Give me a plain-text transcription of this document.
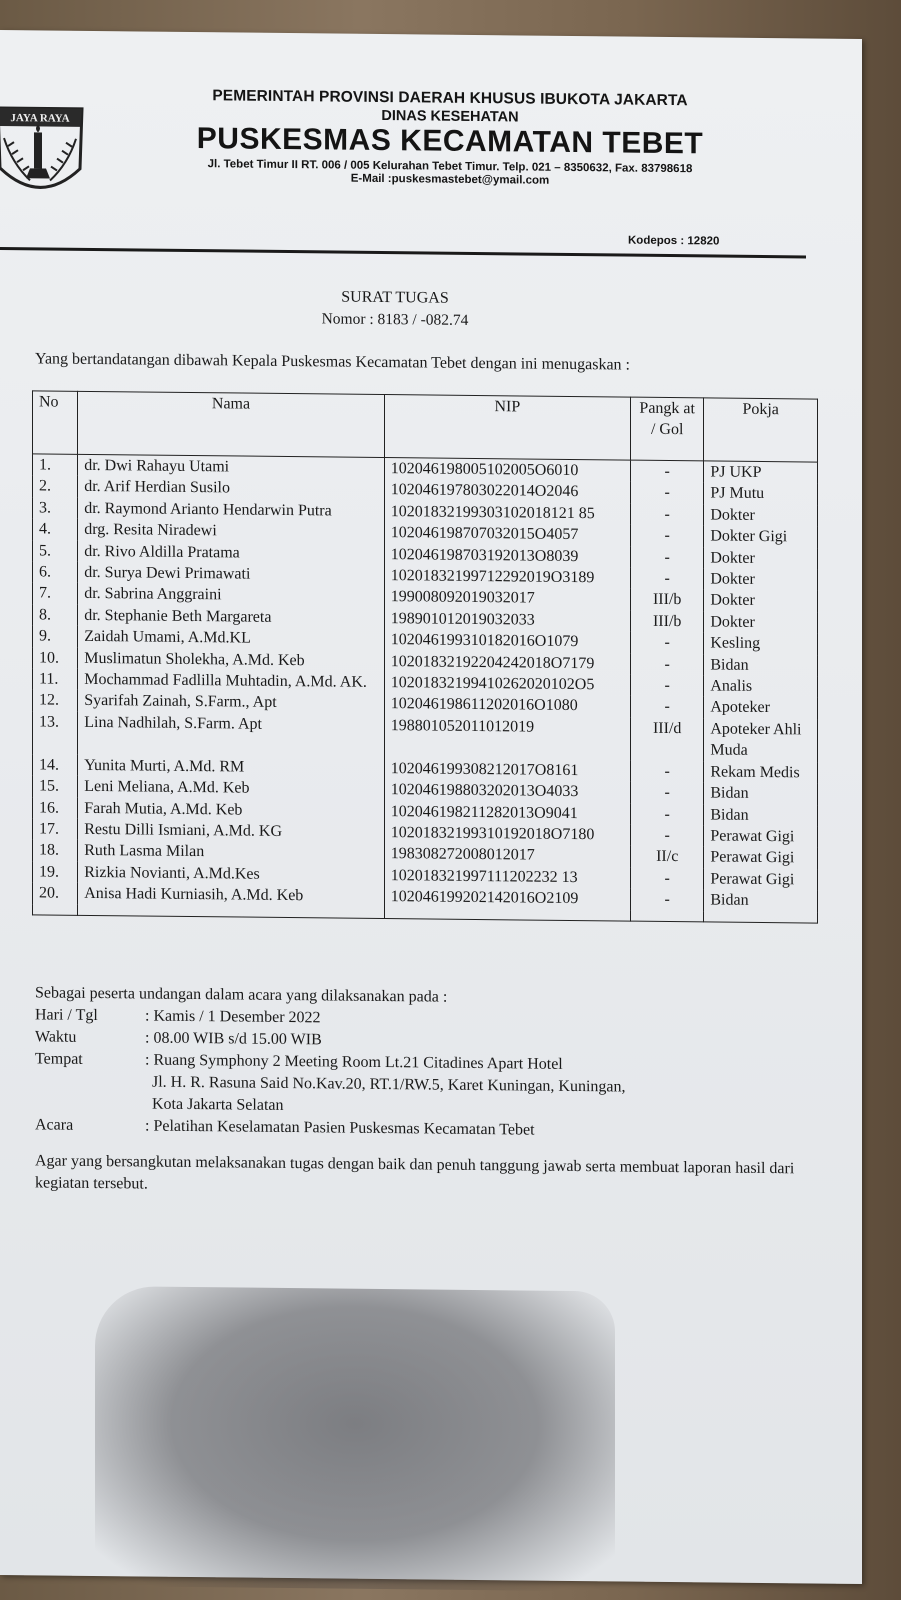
JAYA RAYA
PEMERINTAH PROVINSI DAERAH KHUSUS IBUKOTA JAKARTA
DINAS KESEHATAN
PUSKESMAS KECAMATAN TEBET
Jl. Tebet Timur II RT. 006 / 005 Kelurahan Tebet Timur. Telp. 021 – 8350632, Fax. 83798618
E-Mail :puskesmastebet@ymail.com
Kodepos : 12820
SURAT TUGAS
Nomor : 8183 / -082.74
Yang bertandatangan dibawah Kepala Puskesmas Kecamatan Tebet dengan ini menugaskan :
No	Nama	NIP	Pangk at / Gol	Pokja
1.	dr. Dwi Rahayu Utami	102046198005102005O6010	-	PJ UKP
2.	dr. Arif Herdian Susilo	102046197803022014O2046	-	PJ Mutu
3.	dr. Raymond Arianto Hendarwin Putra	10201832199303102018121 85	-	Dokter
4.	drg. Resita Niradewi	102046198707032015O4057	-	Dokter Gigi
5.	dr. Rivo Aldilla Pratama	102046198703192013O8039	-	Dokter
6.	dr. Surya Dewi Primawati	10201832199712292019O3189	-	Dokter
7.	dr. Sabrina Anggraini	199008092019032017	III/b	Dokter
8.	dr. Stephanie Beth Margareta	198901012019032033	III/b	Dokter
9.	Zaidah Umami, A.Md.KL	102046199310182016O1079	-	Kesling
10.	Muslimatun Sholekha, A.Md. Keb	10201832192204242018O7179	-	Bidan
11.	Mochammad Fadlilla Muhtadin, A.Md. AK.	10201832199410262020102O5	-	Analis
12.	Syarifah Zainah, S.Farm., Apt	102046198611202016O1080	-	Apoteker
13.	Lina Nadhilah, S.Farm. Apt	198801052011012019	III/d	Apoteker Ahli Muda
14.	Yunita Murti, A.Md. RM	102046199308212017O8161	-	Rekam Medis
15.	Leni Meliana, A.Md. Keb	102046198803202013O4033	-	Bidan
16.	Farah Mutia, A.Md. Keb	102046198211282013O9041	-	Bidan
17.	Restu Dilli Ismiani, A.Md. KG	10201832199310192018O7180	-	Perawat Gigi
18.	Ruth Lasma Milan	198308272008012017	II/c	Perawat Gigi
19.	Rizkia Novianti, A.Md.Kes	102018321997111202232 13	-	Perawat Gigi
20.	Anisa Hadi Kurniasih, A.Md. Keb	102046199202142016O2109	-	Bidan

Sebagai peserta undangan dalam acara yang dilaksanakan pada :
Hari / Tgl	: Kamis / 1 Desember 2022
Waktu	: 08.00 WIB s/d 15.00 WIB
Tempat	: Ruang Symphony 2 Meeting Room Lt.21 Citadines Apart Hotel
Jl. H. R. Rasuna Said No.Kav.20, RT.1/RW.5, Karet Kuningan, Kuningan,
Kota Jakarta Selatan
Acara	: Pelatihan Keselamatan Pasien Puskesmas Kecamatan Tebet
Agar yang bersangkutan melaksanakan tugas dengan baik dan penuh tanggung jawab serta membuat laporan hasil dari kegiatan tersebut.
